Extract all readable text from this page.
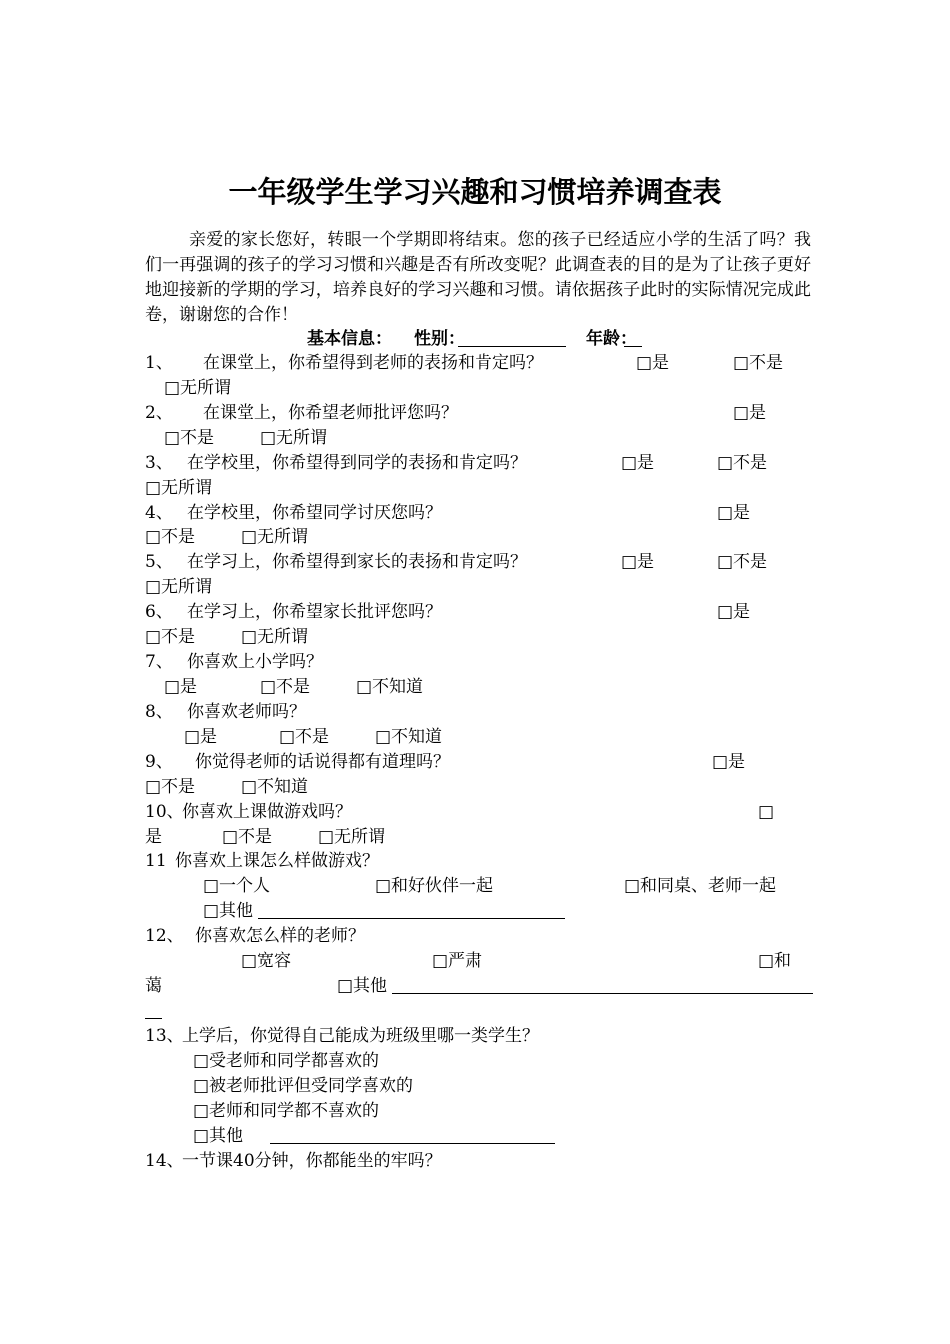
一年级学生学习兴趣和习惯培养调查表
亲爱的家长您好，转眼一个学期即将结束。您的孩子已经适应小学的生活了吗？我们一再强调的孩子的学习习惯和兴趣是否有所改变呢？此调查表的目的是为了让孩子更好地迎接新的学期的学习，培养良好的学习兴趣和习惯。请依据孩子此时的实际情况完成此卷，谢谢您的合作！
基本信息： 性别：	年龄：
1、 在课堂上，你希望得到老师的表扬和肯定吗？	□是	□不是
□无所谓
2、 在课堂上，你希望老师批评您吗？	□是
□不是	□无所谓
3、 在学校里，你希望得到同学的表扬和肯定吗？	□是	□不是
□无所谓
4、 在学校里，你希望同学讨厌您吗？	□是
□不是	□无所谓
5、 在学习上，你希望得到家长的表扬和肯定吗？	□是	□不是
□无所谓
6、 在学习上，你希望家长批评您吗？	□是
□不是	□无所谓
7、 你喜欢上小学吗？
□是	□不是	□不知道
8、 你喜欢老师吗？
□是	□不是	□不知道
9、 你觉得老师的话说得都有道理吗？	□是
□不是	□不知道
10、
你喜欢上课做游戏吗？	□
是	□不是	□无所谓
11 你喜欢上课怎么样做游戏？
□一个人	□和好伙伴一起	□和同桌、老师一起
□其他
12、 你喜欢怎么样的老师？
□宽容	□严肃	□和
蔼	□其他
13、
上学后，你觉得自己能成为班级里哪一类学生？
□受老师和同学都喜欢的
□被老师批评但受同学喜欢的
□老师和同学都不喜欢的
□其他
14、
一节课40分钟，你都能坐的牢吗？
